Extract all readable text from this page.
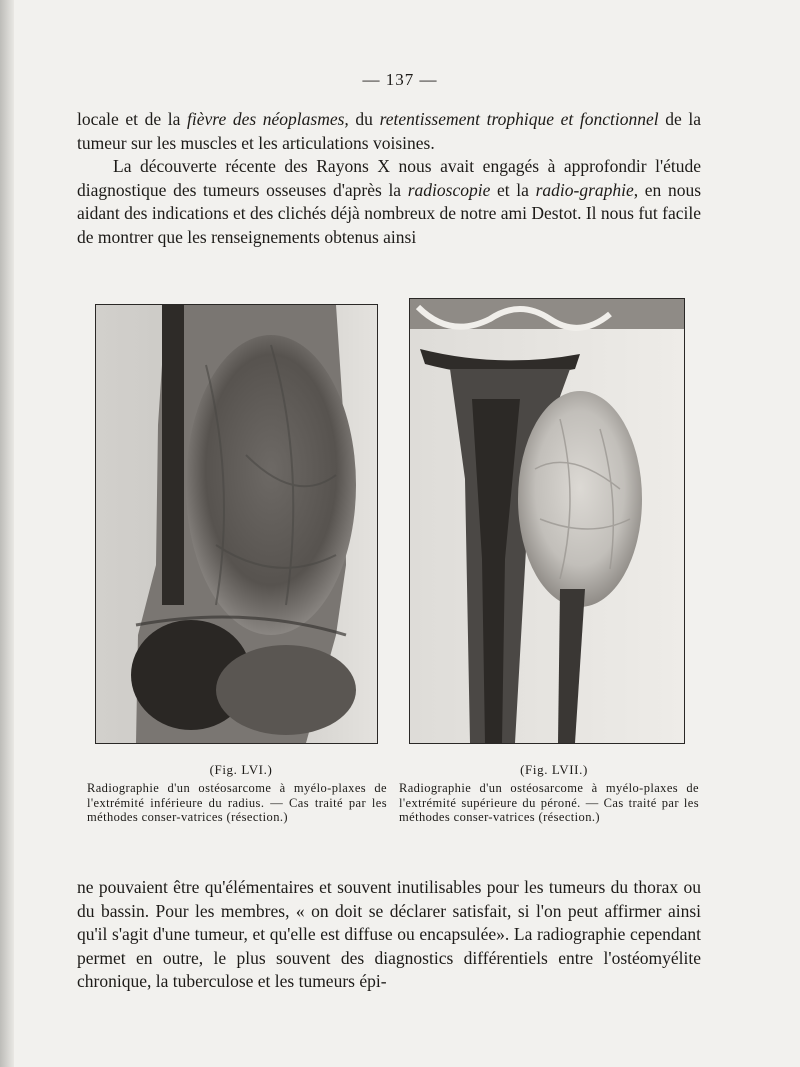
— 137 —

locale et de la fièvre des néoplasmes, du retentissement trophique et fonctionnel de la tumeur sur les muscles et les articulations voisines.

La découverte récente des Rayons X nous avait engagés à approfondir l'étude diagnostique des tumeurs osseuses d'après la radioscopie et la radio-graphie, en nous aidant des indications et des clichés déjà nombreux de notre ami Destot. Il nous fut facile de montrer que les renseignements obtenus ainsi

(Fig. LVI.)
Radiographie d'un ostéosarcome à myélo-plaxes de l'extrémité inférieure du radius. — Cas traité par les méthodes conser-vatrices (résection.)
(Fig. LVII.)
Radiographie d'un ostéosarcome à myélo-plaxes de l'extrémité supérieure du péroné. — Cas traité par les méthodes conser-vatrices (résection.)

ne pouvaient être qu'élémentaires et souvent inutilisables pour les tumeurs du thorax ou du bassin. Pour les membres, « on doit se déclarer satisfait, si l'on peut affirmer ainsi qu'il s'agit d'une tumeur, et qu'elle est diffuse ou encapsulée». La radiographie cependant permet en outre, le plus souvent des diagnostics différentiels entre l'ostéomyélite chronique, la tuberculose et les tumeurs épi-
